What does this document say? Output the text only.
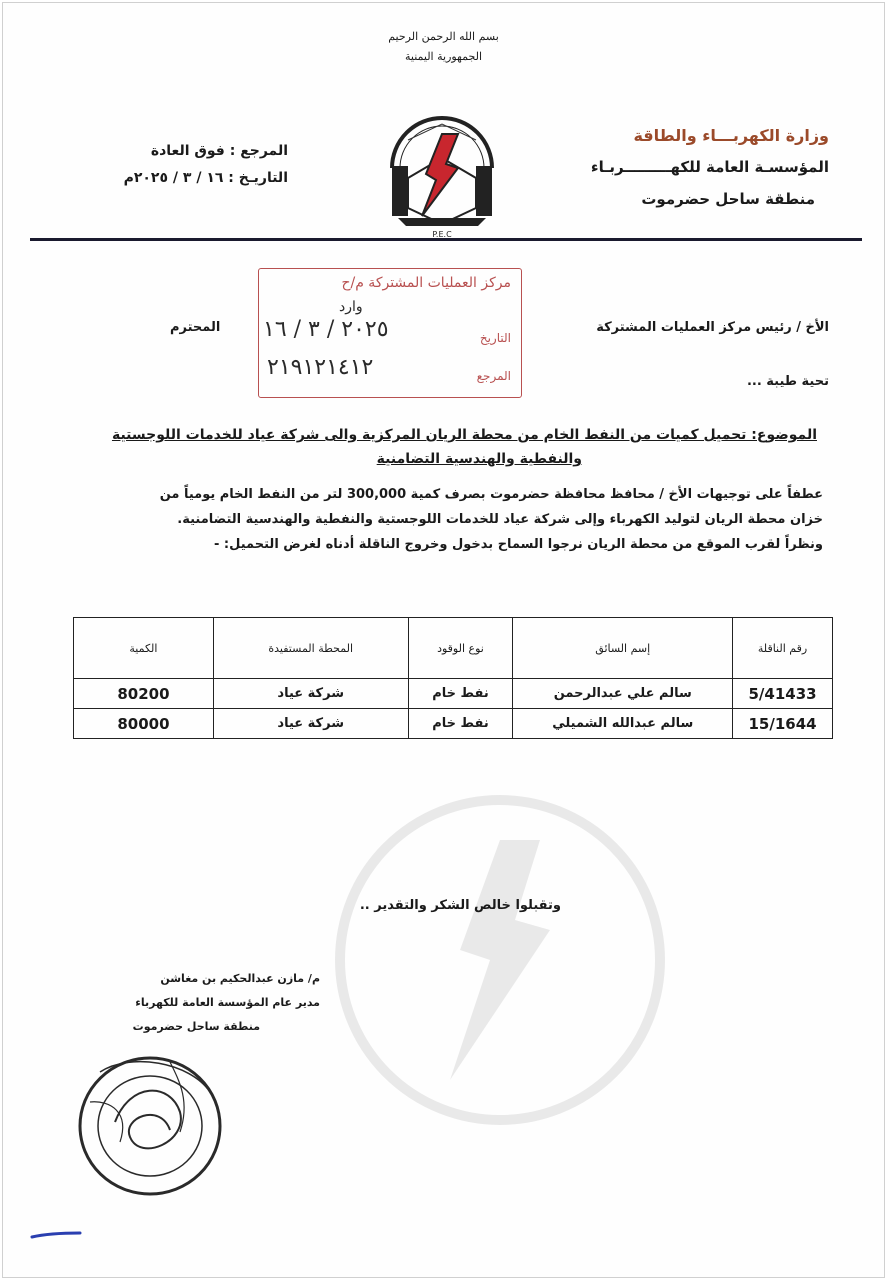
بسم الله الرحمن الرحيم
الجمهورية اليمنية
وزارة الكهربـــاء والطاقة
المؤسسـة العامة للكهـــــــــربـاء
منطقة ساحل حضرموت
المرجع : فوق العادة
التاريـخ : ١٦ / ٣ / ٢٠٢٥م
P.E.C
مركز العمليات المشتركة م/ح
وارد
التاريخ
٢٠٢٥ / ٣ / ١٦
المرجع
٢١٩١٢١٤١٢
الأخ / رئيس مركز العمليات المشتركة
المحترم
تحية طيبة ...
الموضوع: تحميل كميات من النفط الخام من محطة الريان المركزية والى شركة عياد للخدمات اللوجستية
والنفطية والهندسية التضامنية
عطفاً على توجيهات الأخ / محافظ محافظة حضرموت بصرف كمية 300,000 لتر من النفط الخام يومياً من
خزان محطة الريان لتوليد الكهرباء وإلى شركة عياد للخدمات اللوجستية والنفطية والهندسية التضامنية.
ونظراً لقرب الموقع من محطة الريان نرجوا السماح بدخول وخروج الناقلة أدناه لغرض التحميل: -
رقم الناقلة	إسم السائق	نوع الوقود	المحطة المستفيدة	الكمية
5/41433	سالم علي عبدالرحمن	نفط خام	شركة عياد	80200
15/1644	سالم عبدالله الشميلي	نفط خام	شركة عياد	80000
وتقبلوا خالص الشكر والتقدير ..
م/ مازن عبدالحكيم بن مغاشن
مدير عام المؤسسة العامة للكهرباء
منطقة ساحل حضرموت
